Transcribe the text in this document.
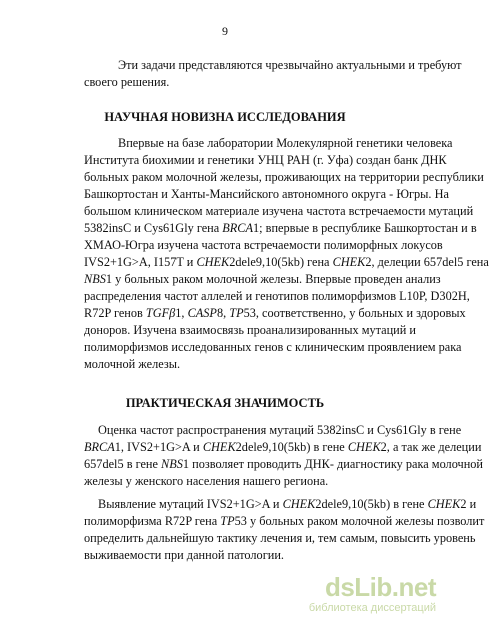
9
Эти задачи представляются чрезвычайно актуальными и требуют
своего решения.
НАУЧНАЯ НОВИЗНА ИССЛЕДОВАНИЯ
Впервые на базе лаборатории Молекулярной генетики человека
Института биохимии и генетики УНЦ РАН (г. Уфа) создан банк ДНК
больных раком молочной железы, проживающих на территории республики
Башкортостан и Ханты-Мансийского автономного округа - Югры. На
большом клиническом материале изучена частота встречаемости мутаций
5382insC и Cys61Gly гена BRCA1; впервые в республике Башкортостан и в
ХМАО-Югра изучена частота встречаемости полиморфных локусов
IVS2+1G>A, I157T и CHEK2dele9,10(5kb) гена CHEK2, делеции 657del5 гена
NBS1 у больных раком молочной железы. Впервые проведен анализ
распределения частот аллелей и генотипов полиморфизмов L10P, D302H,
R72P генов TGFβ1, CASP8, TP53, соответственно, у больных и здоровых
доноров. Изучена взаимосвязь проанализированных мутаций и
полиморфизмов исследованных генов с клиническим проявлением рака
молочной железы.
ПРАКТИЧЕСКАЯ ЗНАЧИМОСТЬ
Оценка частот распространения мутаций 5382insC и Cys61Gly в гене
BRCA1, IVS2+1G>A и CHEK2dele9,10(5kb) в гене CHEK2, а так же делеции
657del5 в гене NBS1 позволяет проводить ДНК- диагностику рака молочной
железы у женского населения нашего региона.
Выявление мутаций IVS2+1G>A и CHEK2dele9,10(5kb) в гене CHEK2 и
полиморфизма R72P гена TP53 у больных раком молочной железы позволит
определить дальнейшую тактику лечения и, тем самым, повысить уровень
выживаемости при данной патологии.
dsLib.net
библиотека диссертаций
